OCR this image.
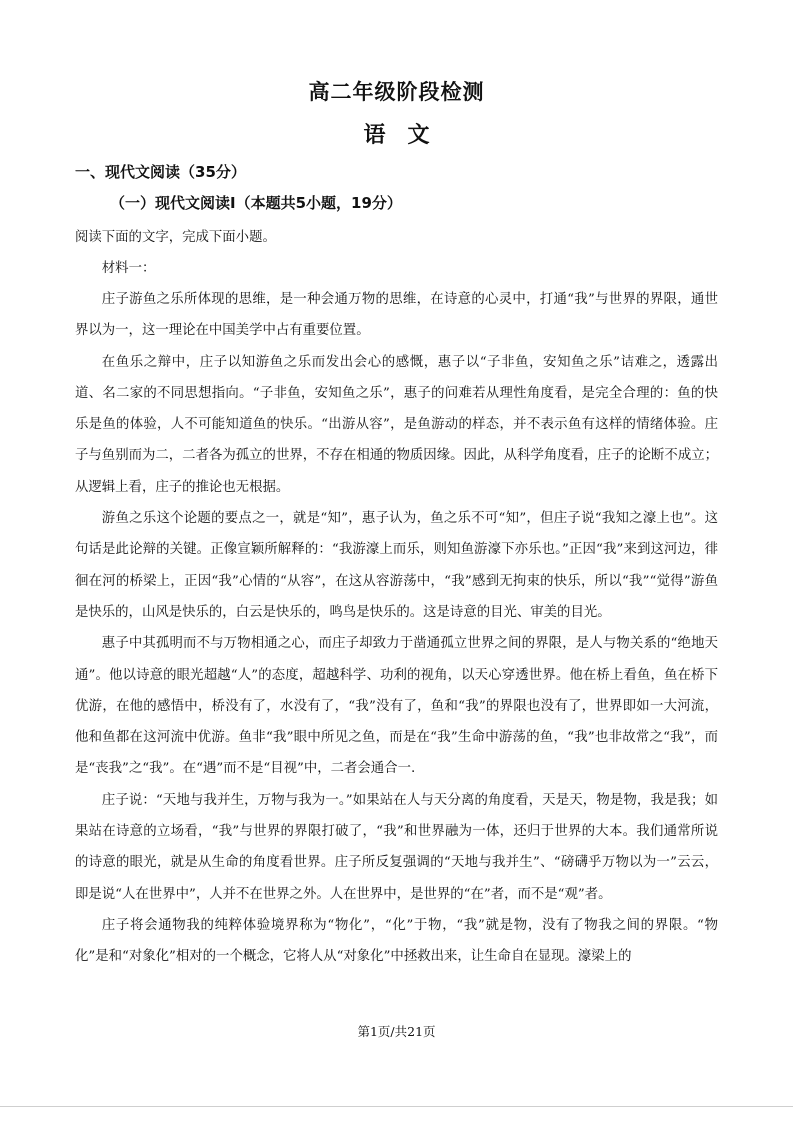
高二年级阶段检测
语文
一、现代文阅读（35分）
（一）现代文阅读Ⅰ（本题共5小题，19分）
阅读下面的文字，完成下面小题。
材料一：

庄子游鱼之乐所体现的思维，是一种会通万物的思维，在诗意的心灵中，打通“我”与世界的界限，通世界以为一，这一理论在中国美学中占有重要位置。

在鱼乐之辩中，庄子以知游鱼之乐而发出会心的感慨，惠子以“子非鱼，安知鱼之乐”诘难之，透露出道、名二家的不同思想指向。“子非鱼，安知鱼之乐”，惠子的问难若从理性角度看，是完全合理的：鱼的快乐是鱼的体验，人不可能知道鱼的快乐。“出游从容”，是鱼游动的样态，并不表示鱼有这样的情绪体验。庄子与鱼别而为二，二者各为孤立的世界，不存在相通的物质因缘。因此，从科学角度看，庄子的论断不成立；从逻辑上看，庄子的推论也无根据。

游鱼之乐这个论题的要点之一，就是“知”，惠子认为，鱼之乐不可“知”，但庄子说“我知之濠上也”。这句话是此论辩的关键。正像宣颖所解释的：“我游濠上而乐，则知鱼游濠下亦乐也。”正因“我”来到这河边，徘徊在河的桥梁上，正因“我”心情的“从容”，在这从容游荡中，“我”感到无拘束的快乐，所以“我”“觉得”游鱼是快乐的，山风是快乐的，白云是快乐的，鸣鸟是快乐的。这是诗意的目光、审美的目光。

惠子中其孤明而不与万物相通之心，而庄子却致力于凿通孤立世界之间的界限，是人与物关系的“绝地天通”。他以诗意的眼光超越“人”的态度，超越科学、功利的视角，以天心穿透世界。他在桥上看鱼，鱼在桥下优游，在他的感悟中，桥没有了，水没有了，“我”没有了，鱼和“我”的界限也没有了，世界即如一大河流，他和鱼都在这河流中优游。鱼非“我”眼中所见之鱼，而是在“我”生命中游荡的鱼，“我”也非故常之“我”，而是“丧我”之“我”。在“遇”而不是“目视”中，二者会通合一.

庄子说：“天地与我并生，万物与我为一。”如果站在人与天分离的角度看，天是天，物是物，我是我；如果站在诗意的立场看，“我”与世界的界限打破了，“我”和世界融为一体，还归于世界的大本。我们通常所说的诗意的眼光，就是从生命的角度看世界。庄子所反复强调的“天地与我并生”、“磅礴乎万物以为一”云云，即是说“人在世界中”，人并不在世界之外。人在世界中，是世界的“在”者，而不是“观”者。

庄子将会通物我的纯粹体验境界称为“物化”，“化”于物，“我”就是物，没有了物我之间的界限。“物化”是和“对象化”相对的一个概念，它将人从“对象化”中拯救出来，让生命自在显现。濠梁上的

第1页/共21页
